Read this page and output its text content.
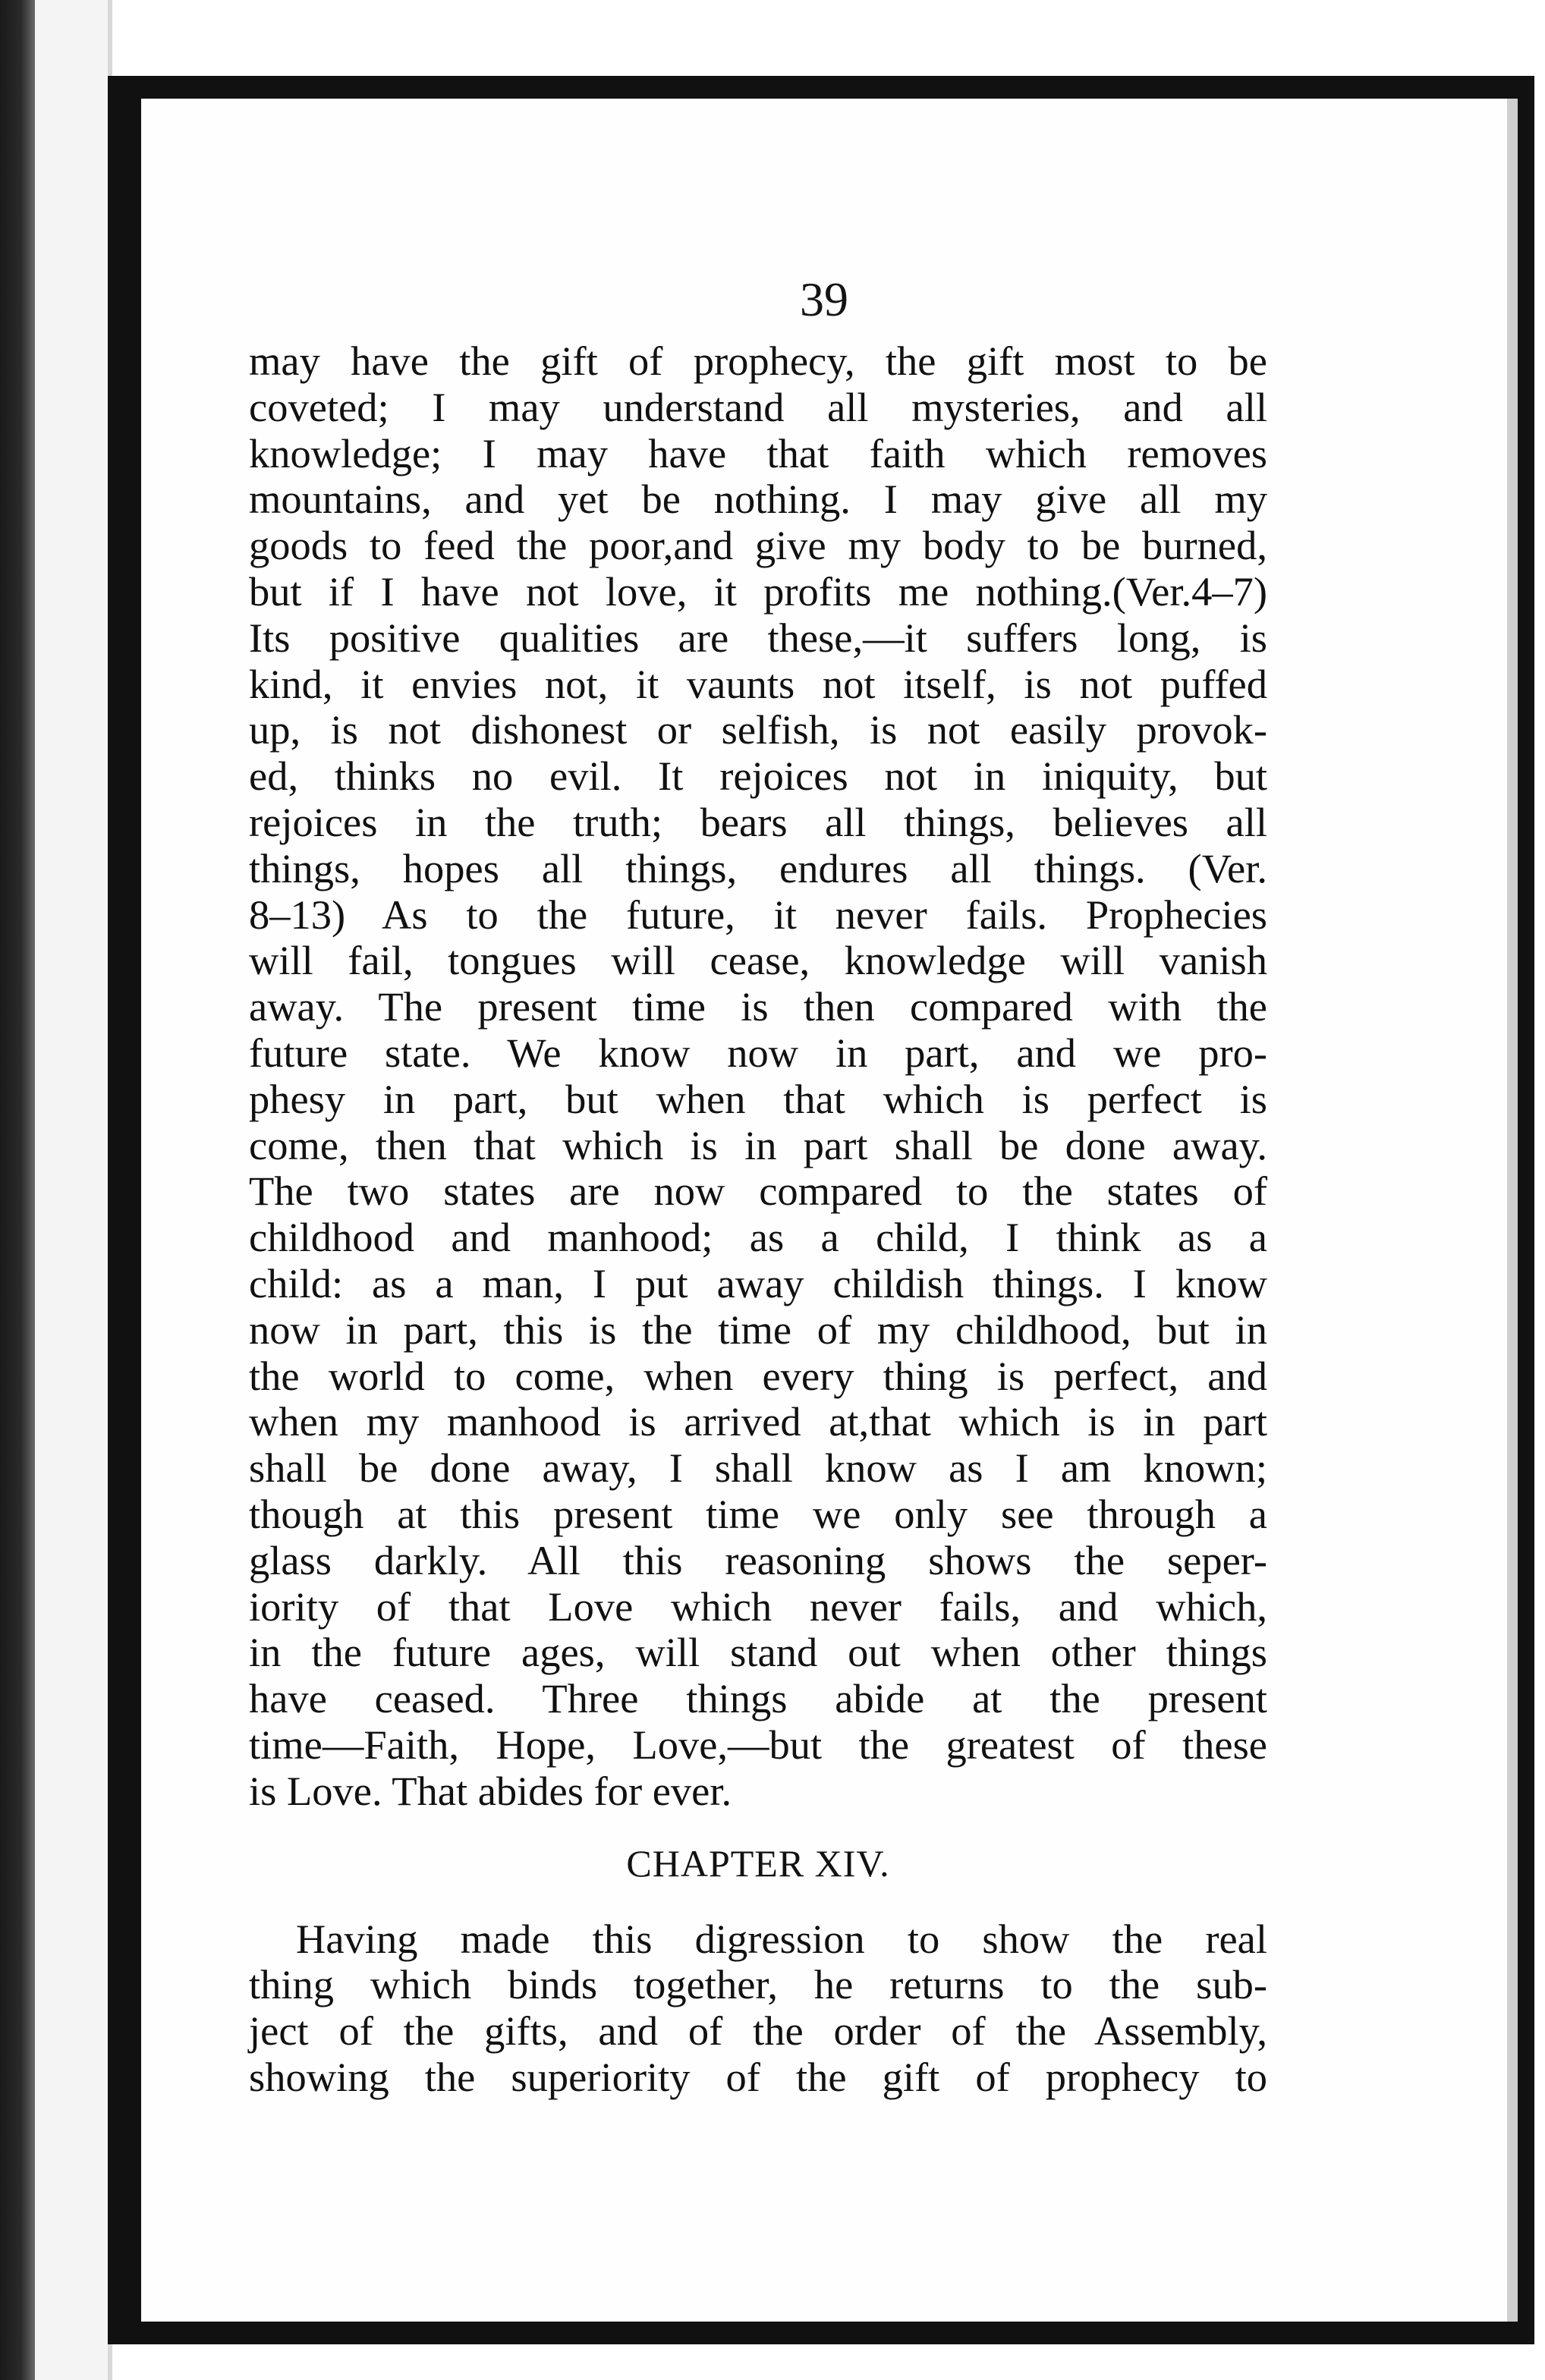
39
may have the gift of prophecy, the gift most to be
coveted; I may understand all mysteries, and all
knowledge; I may have that faith which removes
mountains, and yet be nothing. I may give all my
goods to feed the poor,and give my body to be burned,
but if I have not love, it profits me nothing.(Ver.4–7)
Its positive qualities are these,—it suffers long, is
kind, it envies not, it vaunts not itself, is not puffed
up, is not dishonest or selfish, is not easily provok-
ed, thinks no evil. It rejoices not in iniquity, but
rejoices in the truth; bears all things, believes all
things, hopes all things, endures all things. (Ver.
8–13) As to the future, it never fails. Prophecies
will fail, tongues will cease, knowledge will vanish
away. The present time is then compared with the
future state. We know now in part, and we pro-
phesy in part, but when that which is perfect is
come, then that which is in part shall be done away.
The two states are now compared to the states of
childhood and manhood; as a child, I think as a
child: as a man, I put away childish things. I know
now in part, this is the time of my childhood, but in
the world to come, when every thing is perfect, and
when my manhood is arrived at,that which is in part
shall be done away, I shall know as I am known;
though at this present time we only see through a
glass darkly. All this reasoning shows the seper-
iority of that Love which never fails, and which,
in the future ages, will stand out when other things
have ceased. Three things abide at the present
time—Faith, Hope, Love,—but the greatest of these
is Love. That abides for ever.
CHAPTER XIV.
Having made this digression to show the real
thing which binds together, he returns to the sub-
ject of the gifts, and of the order of the Assembly,
showing the superiority of the gift of prophecy to
